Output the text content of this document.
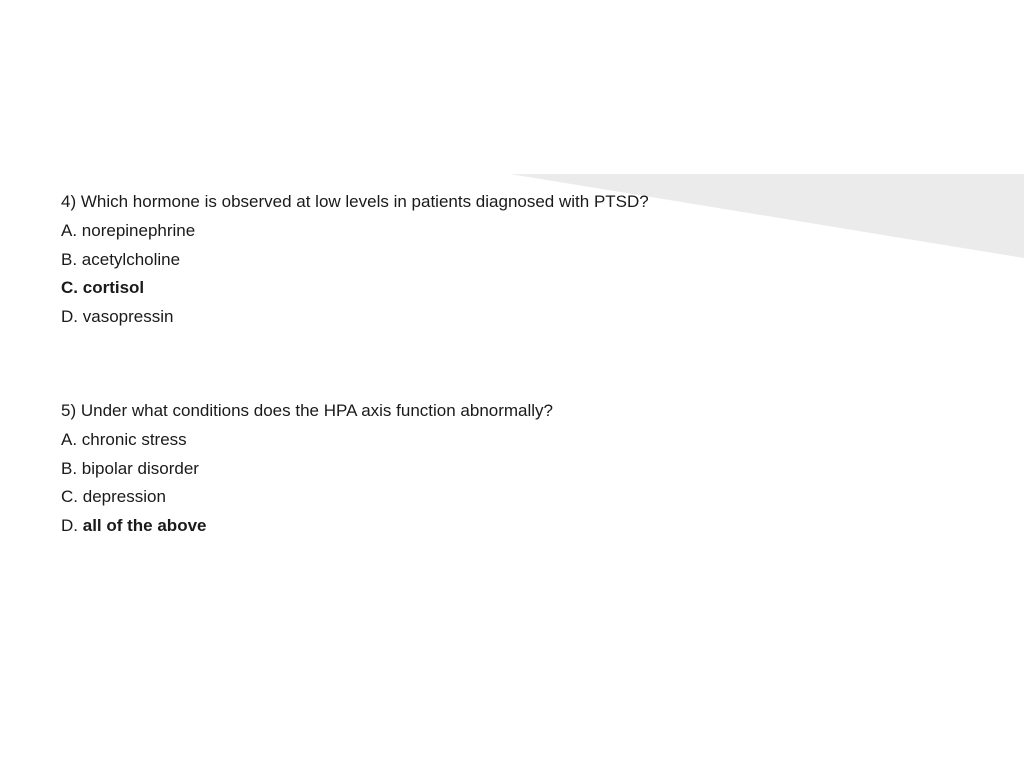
4) Which hormone is observed at low levels in patients diagnosed with PTSD?
A. norepinephrine
B. acetylcholine
C. cortisol
D. vasopressin
5) Under what conditions does the HPA axis function abnormally?
A. chronic stress
B. bipolar disorder
C. depression
D. all of the above
